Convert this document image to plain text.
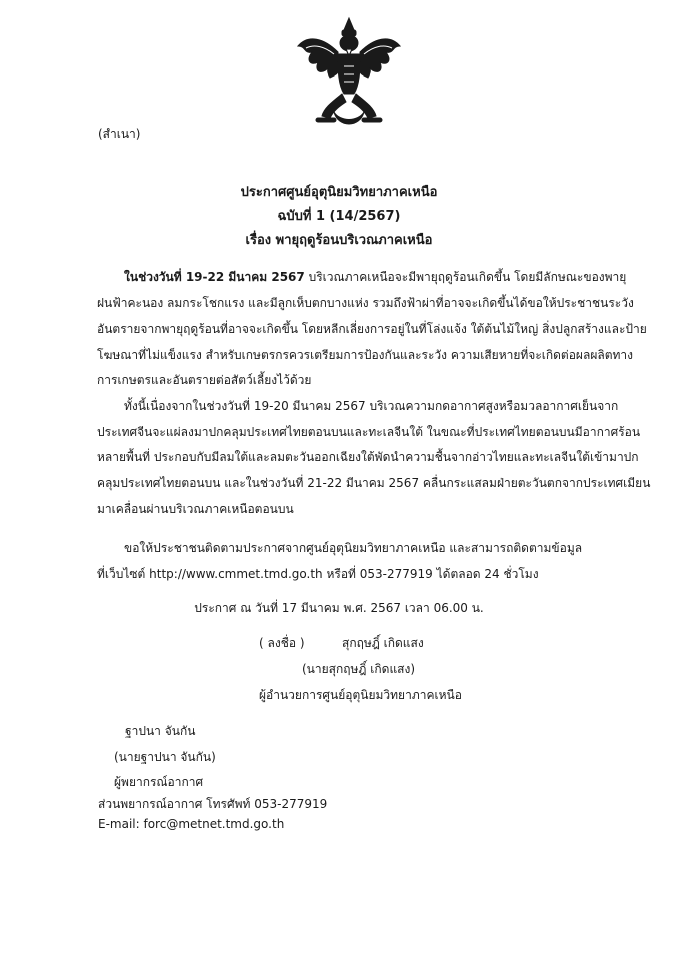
(สำเนา)
ประกาศศูนย์อุตุนิยมวิทยาภาคเหนือ
ฉบับที่ 1 (14/2567)
เรื่อง พายุฤดูร้อนบริเวณภาคเหนือ
ในช่วงวันที่ 19-22 มีนาคม 2567 บริเวณภาคเหนือจะมีพายุฤดูร้อนเกิดขึ้น โดยมีลักษณะของพายุ
ฝนฟ้าคะนอง ลมกระโชกแรง และมีลูกเห็บตกบางแห่ง รวมถึงฟ้าผ่าที่อาจจะเกิดขึ้นได้ขอให้ประชาชนระวัง
อันตรายจากพายุฤดูร้อนที่อาจจะเกิดขึ้น โดยหลีกเลี่ยงการอยู่ในที่โล่งแจ้ง ใต้ต้นไม้ใหญ่ สิ่งปลูกสร้างและป้าย
โฆษณาที่ไม่แข็งแรง สำหรับเกษตรกรควรเตรียมการป้องกันและระวัง ความเสียหายที่จะเกิดต่อผลผลิตทาง
การเกษตรและอันตรายต่อสัตว์เลี้ยงไว้ด้วย
ทั้งนี้เนื่องจากในช่วงวันที่ 19-20 มีนาคม 2567 บริเวณความกดอากาศสูงหรือมวลอากาศเย็นจาก
ประเทศจีนจะแผ่ลงมาปกคลุมประเทศไทยตอนบนและทะเลจีนใต้ ในขณะที่ประเทศไทยตอนบนมีอากาศร้อน
หลายพื้นที่ ประกอบกับมีลมใต้และลมตะวันออกเฉียงใต้พัดนำความชื้นจากอ่าวไทยและทะเลจีนใต้เข้ามาปก
คลุมประเทศไทยตอนบน และในช่วงวันที่ 21-22 มีนาคม 2567 คลื่นกระแสลมฝ่ายตะวันตกจากประเทศเมียน
มาเคลื่อนผ่านบริเวณภาคเหนือตอนบน
ขอให้ประชาชนติดตามประกาศจากศูนย์อุตุนิยมวิทยาภาคเหนือ และสามารถติดตามข้อมูล
ที่เว็บไซต์ http://www.cmmet.tmd.go.th หรือที่ 053-277919 ได้ตลอด 24 ชั่วโมง
ประกาศ ณ วันที่ 17 มีนาคม พ.ศ. 2567 เวลา 06.00 น.
( ลงชื่อ )	สุกฤษฎิ์ เกิดแสง
(นายสุกฤษฎิ์ เกิดแสง)
ผู้อำนวยการศูนย์อุตุนิยมวิทยาภาคเหนือ
ฐาปนา จันกัน
(นายฐาปนา จันกัน)
ผู้พยากรณ์อากาศ
ส่วนพยากรณ์อากาศ โทรศัพท์ 053-277919
E-mail: forc@metnet.tmd.go.th
